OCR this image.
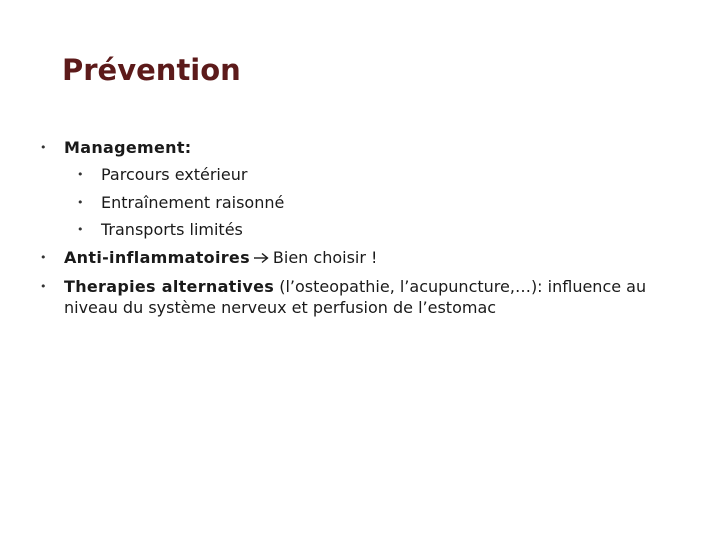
Prévention
• Management:
• Parcours extérieur
• Entraînement raisonné
• Transports limités
• Anti-inflammatoires Bien choisir !
• Therapies alternatives (l’osteopathie, l’acupuncture,…): influence au niveau du système nerveux et perfusion de l’estomac
